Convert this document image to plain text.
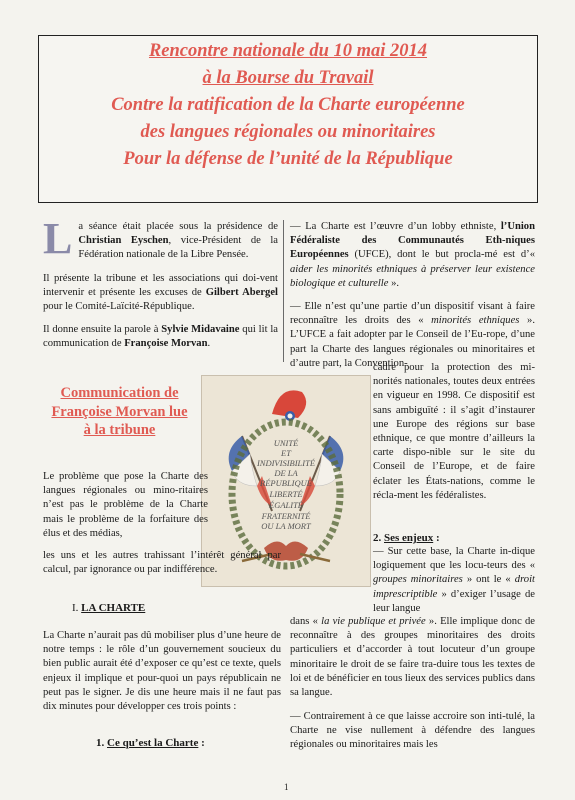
Rencontre nationale du 10 mai 2014
à la Bourse du Travail
Contre la ratification de la Charte européenne
des langues régionales ou minoritaires
Pour la défense de l’unité de la République

La séance était placée sous la présidence de Christian Eyschen, vice-Président de la Fédération nationale de la Libre Pensée.

Il présente la tribune et les associations qui doi-vent intervenir et présente les excuses de Gilbert Abergel pour le Comité-Laïcité-République.

Il donne ensuite la parole à Sylvie Midavaine qui lit la communication de Françoise Morvan.

Communication de
Françoise Morvan lue
à la tribune
UNITÉ
ET
INDIVISIBILITÉ
DE LA
RÉPUBLIQUE
LIBERTÉ
ÉGALITÉ
FRATERNITÉ
OU LA MORT

Le problème que pose la Charte des langues régionales ou mino-ritaires n’est pas le problème de la Charte mais le problème de la forfaiture des élus et des médias,

les uns et les autres trahissant l’intérêt général par calcul, par ignorance ou par indifférence.

I. LA CHARTE

La Charte n’aurait pas dû mobiliser plus d’une heure de notre temps : le rôle d’un gouvernement soucieux du bien public aurait été d’exposer ce qu’est ce texte, quels enjeux il implique et pour-quoi un pays républicain ne peut pas le signer. Je dis une heure mais il ne faut pas dix minutes pour développer ces trois points :

1. Ce qu’est la Charte :

— La Charte est l’œuvre d’un lobby ethniste, l’Union Fédéraliste des Communautés Eth-niques Européennes (UFCE), dont le but procla-mé est d’« aider les minorités ethniques à préserver leur existence biologique et culturelle ».

— Elle n’est qu’une partie d’un dispositif visant à faire reconnaître les droits des « minorités ethniques ». L’UFCE a fait adopter par le Conseil de l’Eu-rope, d’une part la Charte des langues régionales ou minoritaires et d’autre part, la Convention-

cadre pour la protection des mi-norités nationales, toutes deux entrées en vigueur en 1998. Ce dispositif est sans ambiguïté : il s’agit d’instaurer une Europe des régions sur base ethnique, ce que montre d’ailleurs la carte dispo-nible sur le site du Conseil de l’Europe, et de faire éclater les États-nations, comme le récla-ment les fédéralistes.

2. Ses enjeux :

— Sur cette base, la Charte in-dique logiquement que les locu-teurs des « groupes minoritaires » ont le « droit imprescriptible » d’exiger l’usage de leur langue

dans « la vie publique et privée ». Elle implique donc de reconnaître à des groupes minoritaires des droits particuliers et d’accorder à tout locuteur d’un groupe minoritaire le droit de se faire tra-duire tous les textes de loi et de bénéficier en tous lieux des services publics dans sa langue.

— Contrairement à ce que laisse accroire son inti-tulé, la Charte ne vise nullement à défendre des langues régionales ou minoritaires mais les

1
